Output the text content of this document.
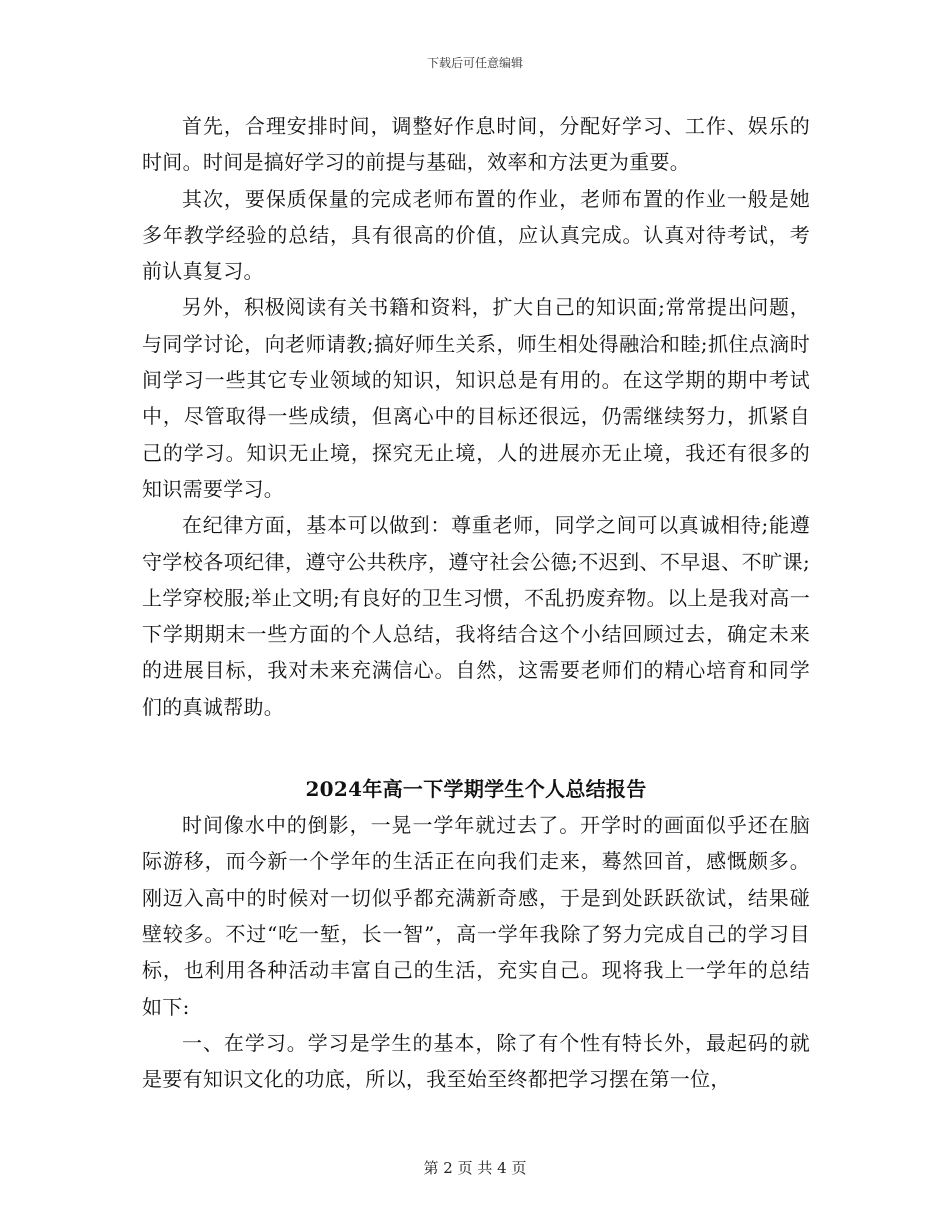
下载后可任意编辑

首先，合理安排时间，调整好作息时间，分配好学习、工作、娱乐的时间。时间是搞好学习的前提与基础，效率和方法更为重要。

其次，要保质保量的完成老师布置的作业，老师布置的作业一般是她多年教学经验的总结，具有很高的价值，应认真完成。认真对待考试，考前认真复习。

另外，积极阅读有关书籍和资料，扩大自己的知识面;常常提出问题，与同学讨论，向老师请教;搞好师生关系，师生相处得融洽和睦;抓住点滴时间学习一些其它专业领域的知识，知识总是有用的。在这学期的期中考试中，尽管取得一些成绩，但离心中的目标还很远，仍需继续努力，抓紧自己的学习。知识无止境，探究无止境，人的进展亦无止境，我还有很多的知识需要学习。

在纪律方面，基本可以做到：尊重老师，同学之间可以真诚相待;能遵守学校各项纪律，遵守公共秩序，遵守社会公德;不迟到、不早退、不旷课;上学穿校服;举止文明;有良好的卫生习惯，不乱扔废弃物。以上是我对高一下学期期末一些方面的个人总结，我将结合这个小结回顾过去，确定未来的进展目标，我对未来充满信心。自然，这需要老师们的精心培育和同学们的真诚帮助。

2024年高一下学期学生个人总结报告

时间像水中的倒影，一晃一学年就过去了。开学时的画面似乎还在脑际游移，而今新一个学年的生活正在向我们走来，蓦然回首，感慨颇多。刚迈入高中的时候对一切似乎都充满新奇感，于是到处跃跃欲试，结果碰壁较多。不过“吃一堑，长一智”，高一学年我除了努力完成自己的学习目标，也利用各种活动丰富自己的生活，充实自己。现将我上一学年的总结如下:

一、在学习。学习是学生的基本，除了有个性有特长外，最起码的就是要有知识文化的功底，所以，我至始至终都把学习摆在第一位，

第 2 页 共 4 页
